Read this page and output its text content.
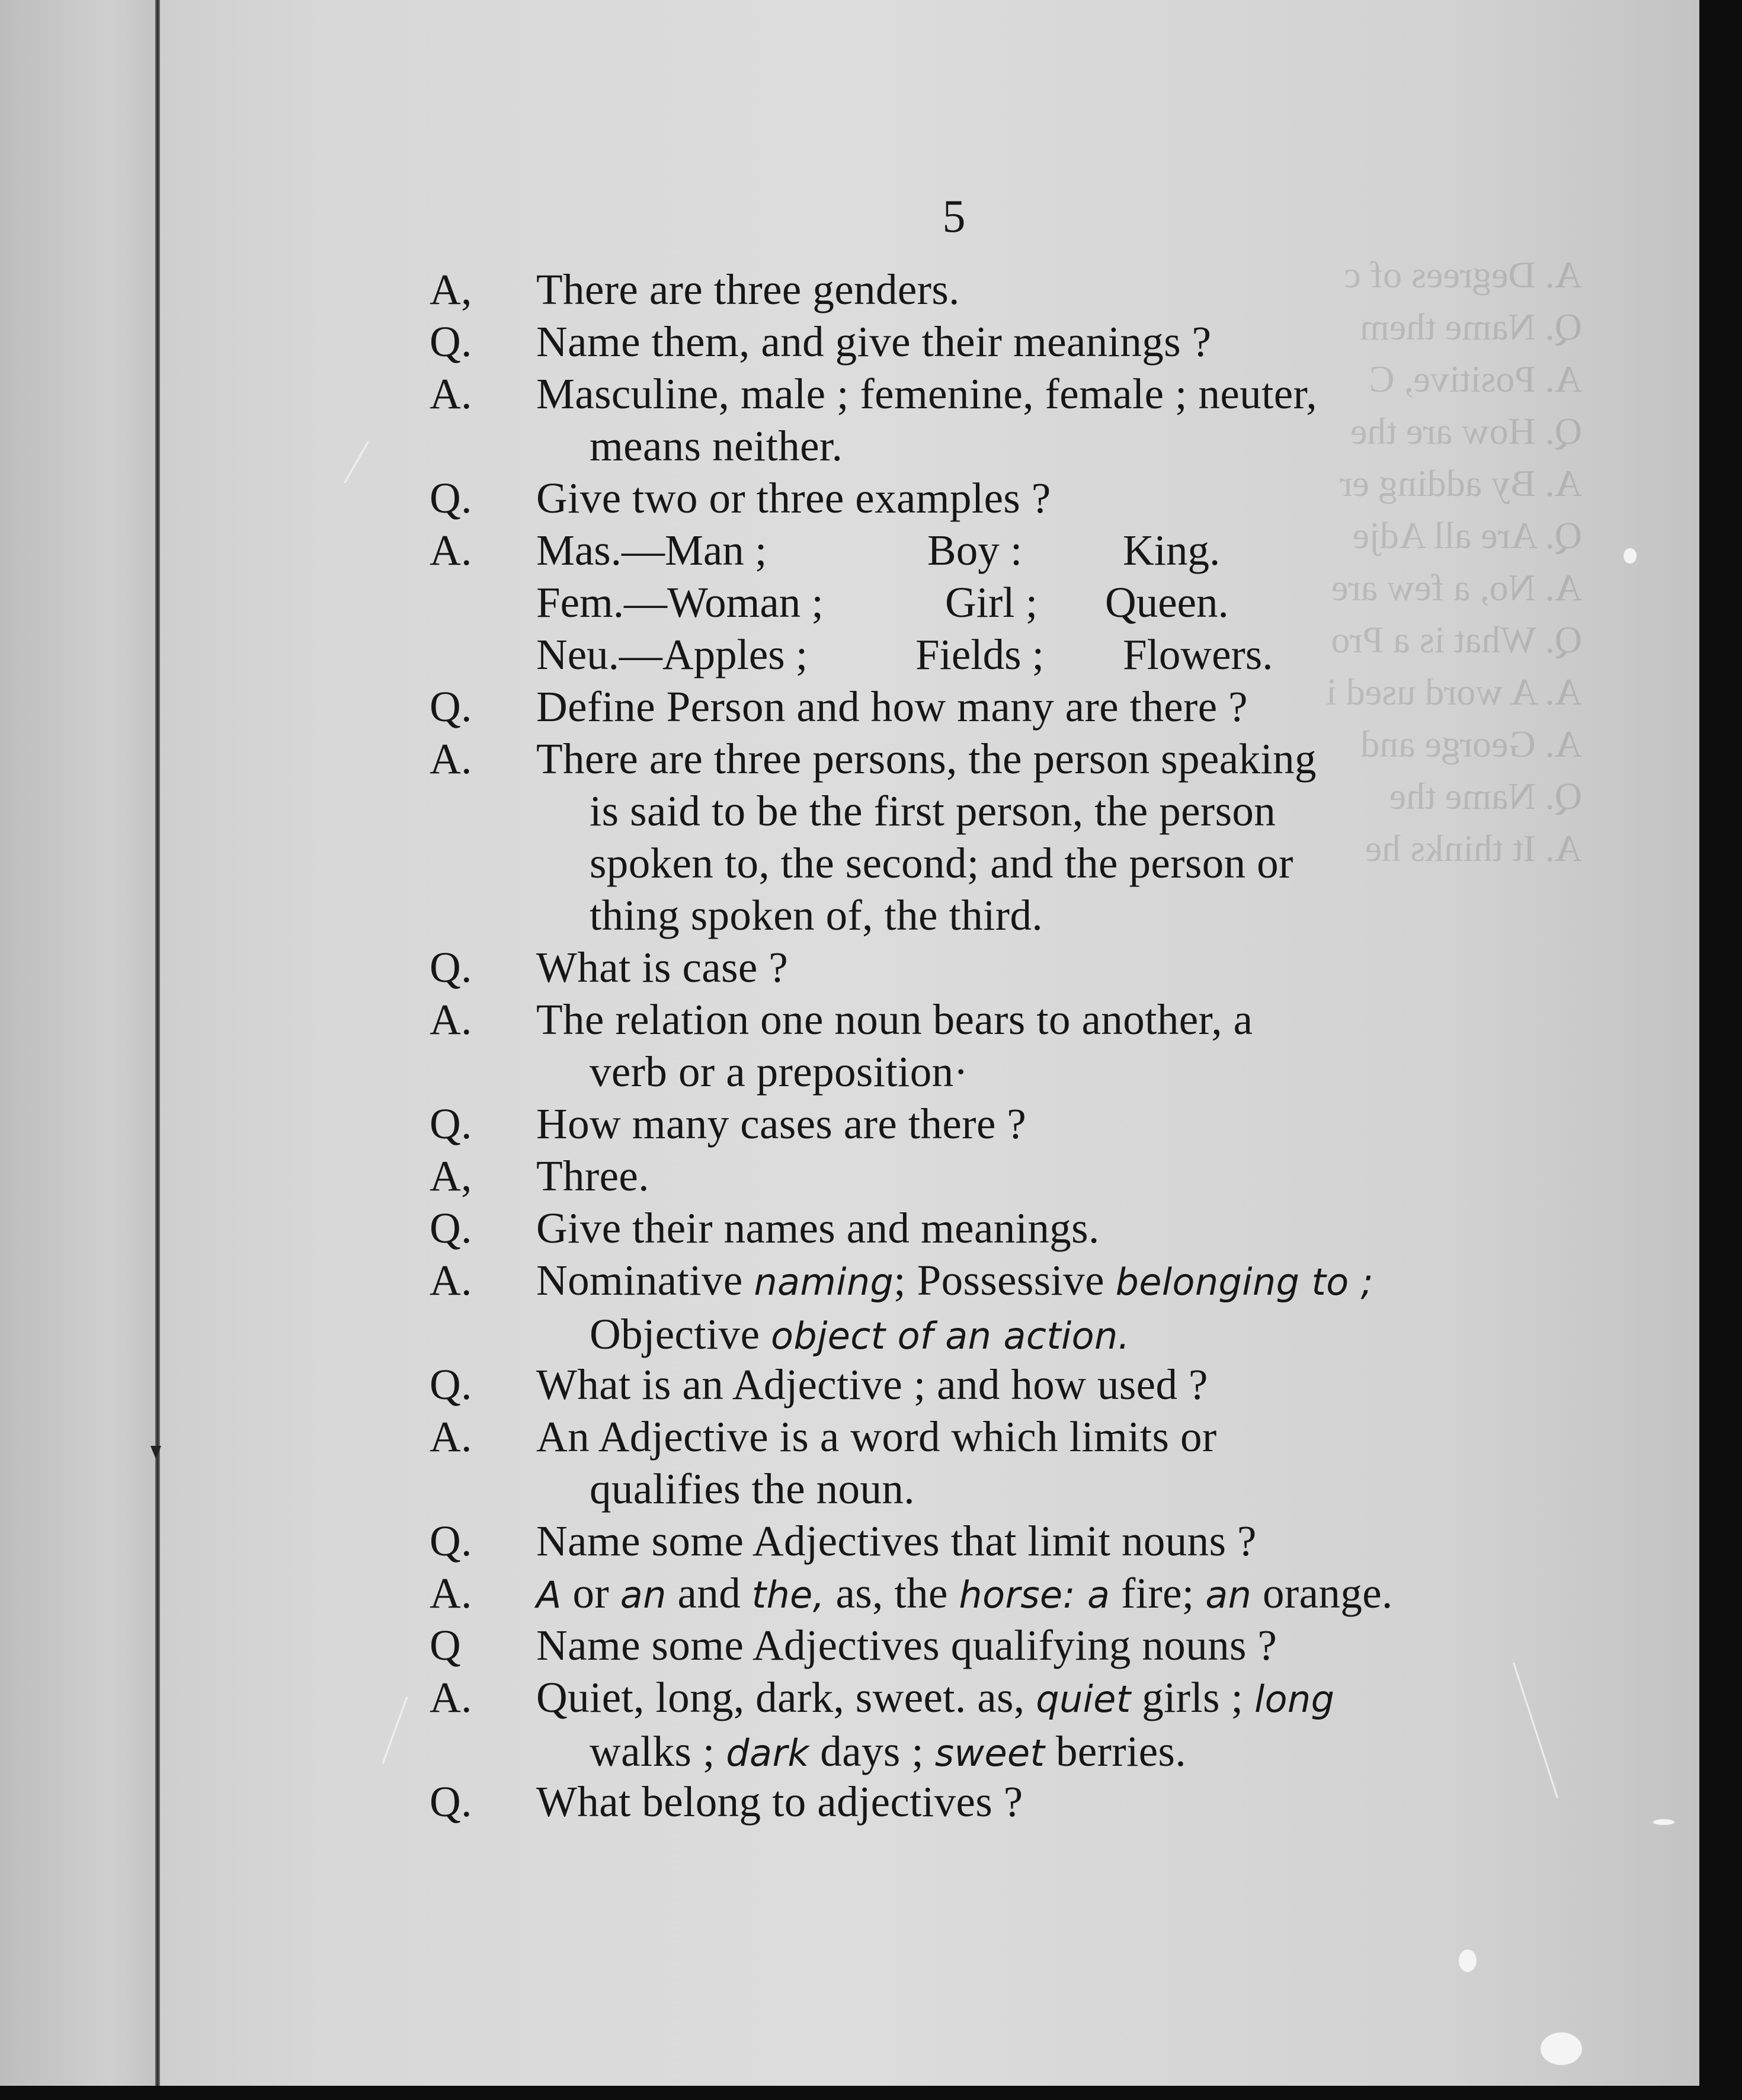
A. Degrees of c
Q. Name them
A. Positive, C
Q. How are the
A. By adding er
Q. Are all Adje
A. No, a few are
Q. What is a Pro
A. A word used i
A. George and
Q. Name the
A. It thinks he
5
A, There are three genders.
Q. Name them, and give their meanings ?
A. Masculine, male ; femenine, female ; neuter,
means neither.
Q. Give two or three examples ?
A. Mas.—Man ;	Boy : King.
Fem.—Woman ;	Girl ; Queen.
Neu.—Apples ; Fields ; Flowers.
Q. Define Person and how many are there ?
A. There are three persons, the person speaking
is said to be the first person, the person
spoken to, the second; and the person or
thing spoken of, the third.
Q. What is case ?
A. The relation one noun bears to another, a
verb or a preposition·
Q. How many cases are there ?
A, Three.
Q. Give their names and meanings.
A. Nominative naming; Possessive belonging to ;
Objective object of an action.
Q. What is an Adjective ; and how used ?
A. An Adjective is a word which limits or
qualifies the noun.
Q. Name some Adjectives that limit nouns ?
A. A or an and the, as, the horse: a fire; an orange.
Q Name some Adjectives qualifying nouns ?
A. Quiet, long, dark, sweet. as, quiet girls ; long
walks ; dark days ; sweet berries.
Q. What belong to adjectives ?
